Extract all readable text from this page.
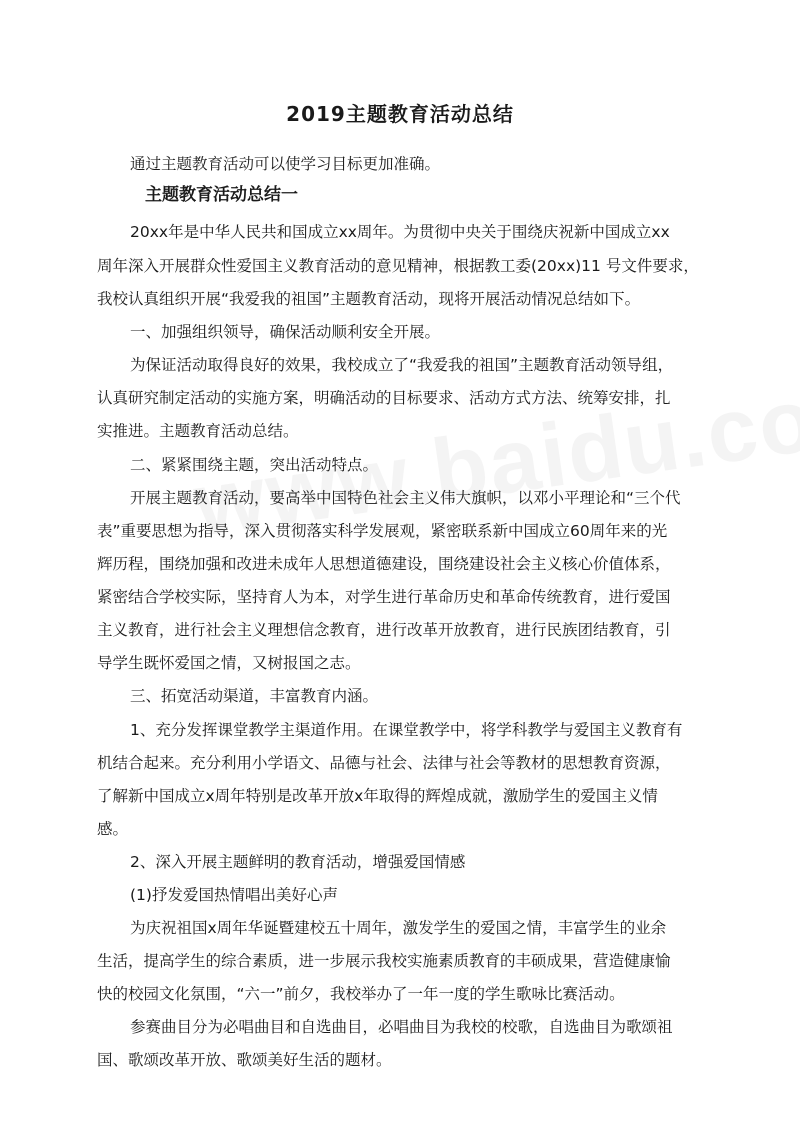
2019主题教育活动总结

通过主题教育活动可以使学习目标更加准确。

主题教育活动总结一

20xx年是中华人民共和国成立xx周年。为贯彻中央关于围绕庆祝新中国成立xx

周年深入开展群众性爱国主义教育活动的意见精神，根据教工委(20xx)11 号文件要求，

我校认真组织开展“我爱我的祖国”主题教育活动，现将开展活动情况总结如下。

一、加强组织领导，确保活动顺利安全开展。

为保证活动取得良好的效果，我校成立了“我爱我的祖国”主题教育活动领导组，

认真研究制定活动的实施方案，明确活动的目标要求、活动方式方法、统筹安排，扎

实推进。主题教育活动总结。

二、紧紧围绕主题，突出活动特点。

开展主题教育活动，要高举中国特色社会主义伟大旗帜，以邓小平理论和“三个代

表”重要思想为指导，深入贯彻落实科学发展观，紧密联系新中国成立60周年来的光

辉历程，围绕加强和改进未成年人思想道德建设，围绕建设社会主义核心价值体系，

紧密结合学校实际，坚持育人为本，对学生进行革命历史和革命传统教育，进行爱国

主义教育，进行社会主义理想信念教育，进行改革开放教育，进行民族团结教育，引

导学生既怀爱国之情，又树报国之志。

三、拓宽活动渠道，丰富教育内涵。

1、充分发挥课堂教学主渠道作用。在课堂教学中，将学科教学与爱国主义教育有

机结合起来。充分利用小学语文、品德与社会、法律与社会等教材的思想教育资源，

了解新中国成立x周年特别是改革开放x年取得的辉煌成就，激励学生的爱国主义情

感。

2、深入开展主题鲜明的教育活动，增强爱国情感

(1)抒发爱国热情唱出美好心声

为庆祝祖国x周年华诞暨建校五十周年，激发学生的爱国之情，丰富学生的业余

生活，提高学生的综合素质，进一步展示我校实施素质教育的丰硕成果，营造健康愉

快的校园文化氛围，“六一”前夕，我校举办了一年一度的学生歌咏比赛活动。

参赛曲目分为必唱曲目和自选曲目，必唱曲目为我校的校歌，自选曲目为歌颂祖

国、歌颂改革开放、歌颂美好生活的题材。
